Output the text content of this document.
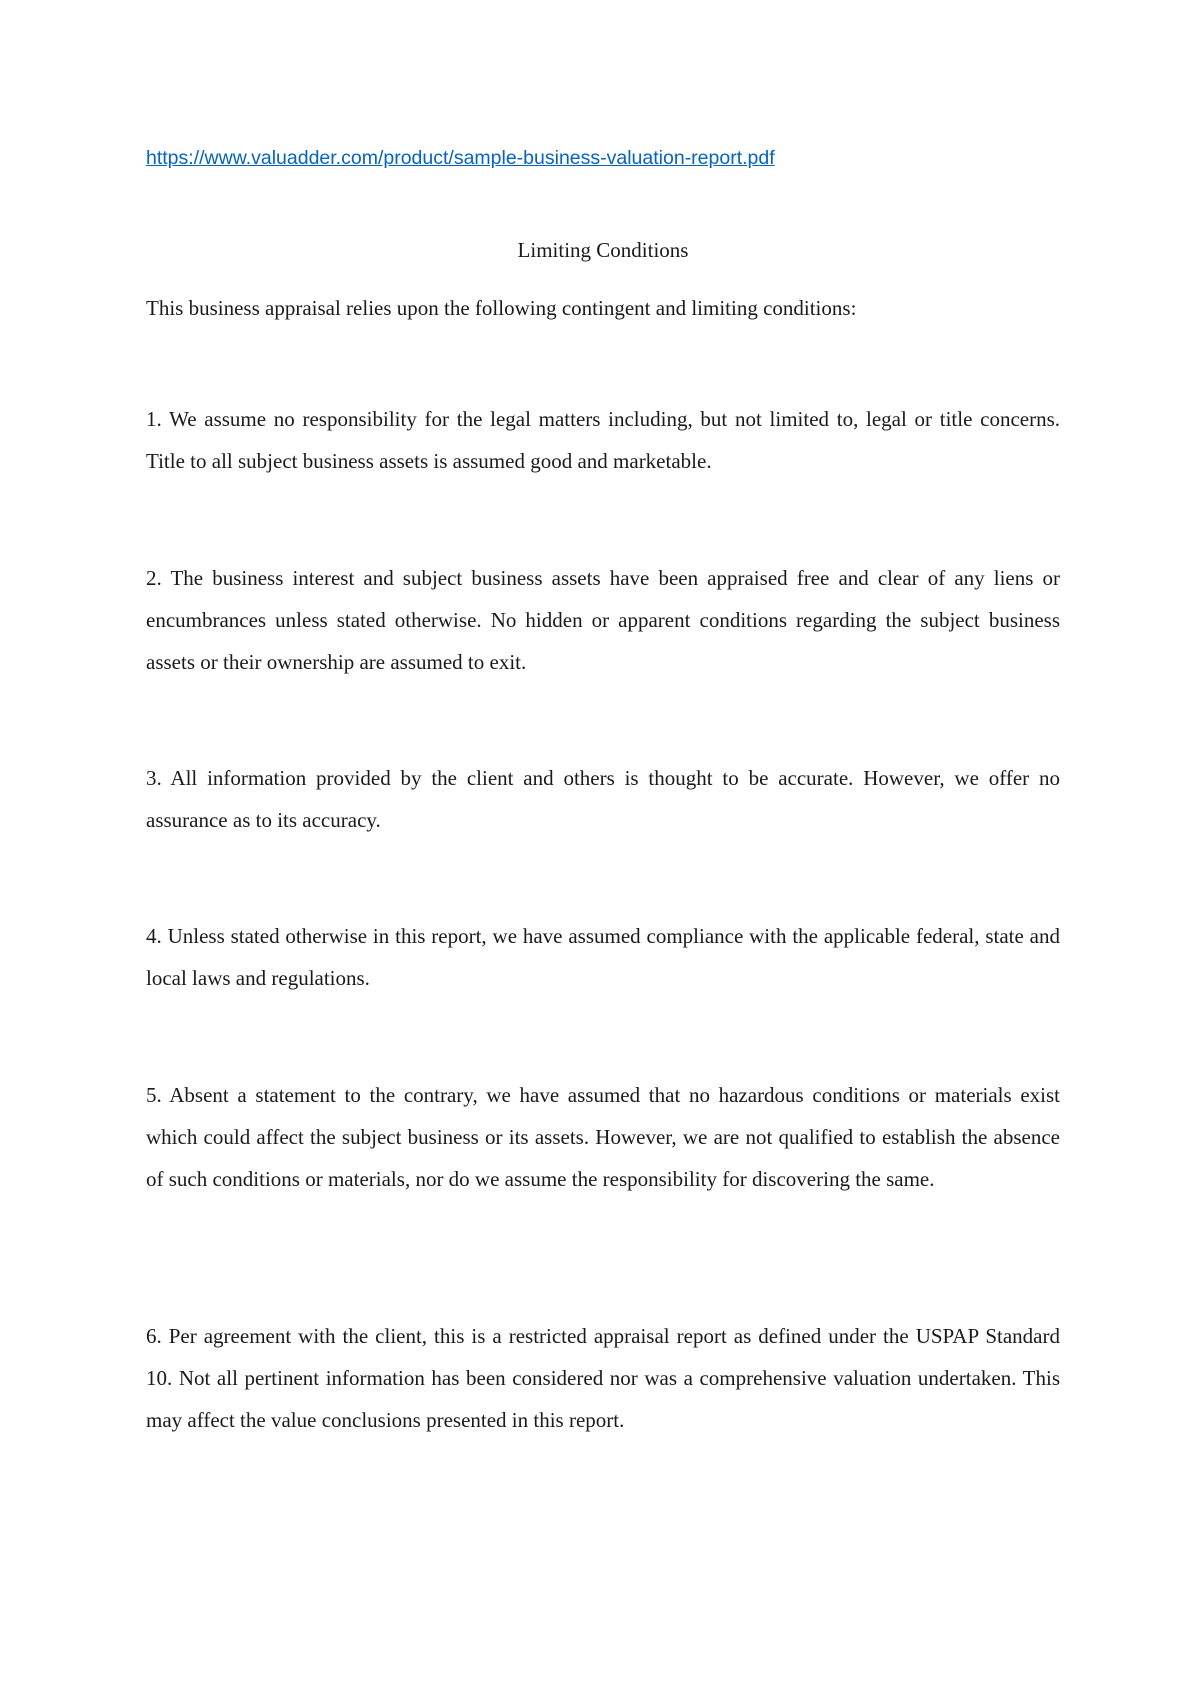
https://www.valuadder.com/product/sample-business-valuation-report.pdf
Limiting Conditions

This business appraisal relies upon the following contingent and limiting conditions:

1. We assume no responsibility for the legal matters including, but not limited to, legal or title concerns. Title to all subject business assets is assumed good and marketable.

2. The business interest and subject business assets have been appraised free and clear of any liens or encumbrances unless stated otherwise. No hidden or apparent conditions regarding the subject business assets or their ownership are assumed to exit.

3. All information provided by the client and others is thought to be accurate. However, we offer no assurance as to its accuracy.

4. Unless stated otherwise in this report, we have assumed compliance with the applicable federal, state and local laws and regulations.

5. Absent a statement to the contrary, we have assumed that no hazardous conditions or materials exist which could affect the subject business or its assets. However, we are not qualified to establish the absence of such conditions or materials, nor do we assume the responsibility for discovering the same.

6. Per agreement with the client, this is a restricted appraisal report as defined under the USPAP Standard 10. Not all pertinent information has been considered nor was a comprehensive valuation undertaken. This may affect the value conclusions presented in this report.
